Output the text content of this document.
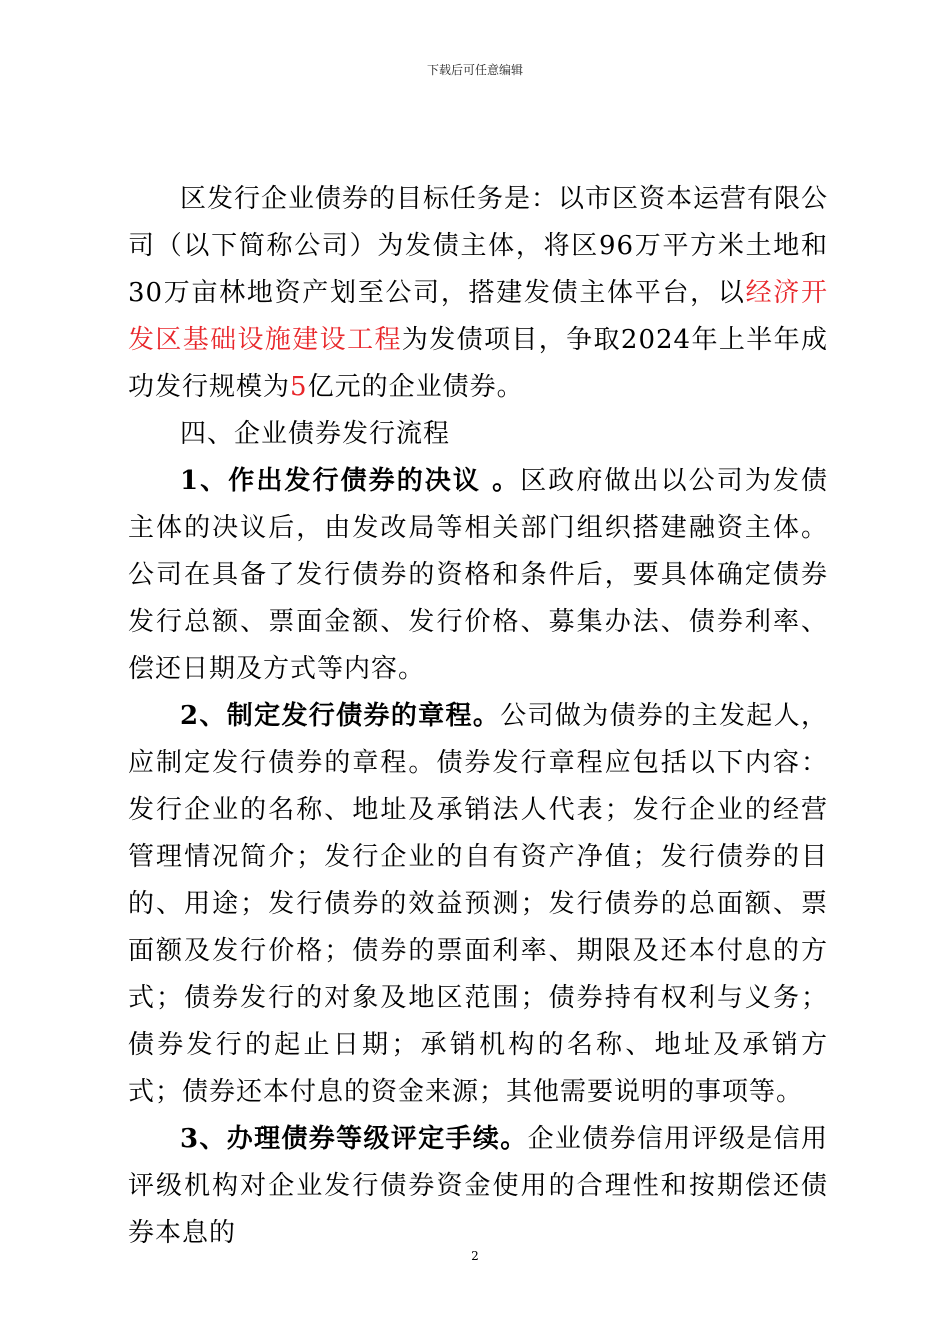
下载后可任意编辑

区发行企业债券的目标任务是：以市区资本运营有限公司（以下简称公司）为发债主体，将区96万平方米土地和30万亩林地资产划至公司，搭建发债主体平台，以经济开发区基础设施建设工程为发债项目，争取2024年上半年成功发行规模为5亿元的企业债券。

四、企业债券发行流程

1、作出发行债券的决议 。区政府做出以公司为发债主体的决议后，由发改局等相关部门组织搭建融资主体。公司在具备了发行债券的资格和条件后，要具体确定债券发行总额、票面金额、发行价格、募集办法、债券利率、偿还日期及方式等内容。

2、制定发行债券的章程。公司做为债券的主发起人，应制定发行债券的章程。债券发行章程应包括以下内容：发行企业的名称、地址及承销法人代表；发行企业的经营管理情况简介；发行企业的自有资产净值；发行债券的目的、用途；发行债券的效益预测；发行债券的总面额、票面额及发行价格；债券的票面利率、期限及还本付息的方式；债券发行的对象及地区范围；债券持有权利与义务；债券发行的起止日期；承销机构的名称、地址及承销方式；债券还本付息的资金来源；其他需要说明的事项等。

3、办理债券等级评定手续。企业债券信用评级是信用评级机构对企业发行债券资金使用的合理性和按期偿还债券本息的

2
